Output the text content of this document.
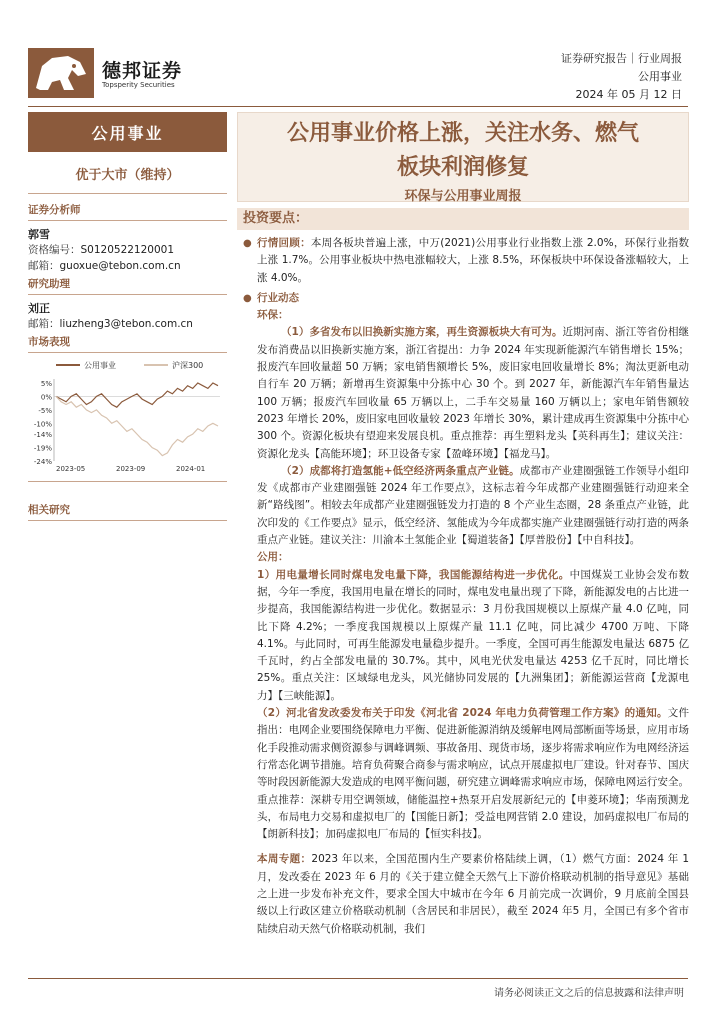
德邦证券
Topsperity Securities
证券研究报告｜行业周报
公用事业
2024 年 05 月 12 日
公用事业
优于大市（维持）
证券分析师
郭雪
资格编号：S0120522120001
邮箱：guoxue@tebon.com.cn
研究助理
刘正
邮箱：liuzheng3@tebon.com.cn
市场表现
公用事业	沪深300
5%
0%
-5%
-10%
-14%
-19%
-24%
2023-05	2023-09	2024-01
相关研究
公用事业价格上涨，关注水务、燃气
板块利润修复
环保与公用事业周报
投资要点：
● 行情回顾：本周各板块普遍上涨，中万(2021)公用事业行业指数上涨 2.0%，环保行业指数上涨 1.7%。公用事业板块中热电涨幅较大，上涨 8.5%，环保板块中环保设备涨幅较大，上涨 4.0%。
● 行业动态
环保：
（1）多省发布以旧换新实施方案，再生资源板块大有可为。近期河南、浙江等省份相继发布消费品以旧换新实施方案，浙江省提出：力争 2024 年实现新能源汽车销售增长 15%；报废汽车回收量超 50 万辆；家电销售额增长 5%，废旧家电回收量增长 8%；淘汰更新电动自行车 20 万辆；新增再生资源集中分拣中心 30 个。到 2027 年，新能源汽车年销售量达 100 万辆；报废汽车回收量 65 万辆以上，二手车交易量 160 万辆以上；家电年销售额较 2023 年增长 20%，废旧家电回收量较 2023 年增长 30%，累计建成再生资源集中分拣中心 300 个。资源化板块有望迎来发展良机。重点推荐：再生塑料龙头【英科再生】；建议关注：资源化龙头【高能环境】；环卫设备专家【盈峰环境】【福龙马】。
（2）成都将打造氢能+低空经济两条重点产业链。成都市产业建圈强链工作领导小组印发《成都市产业建圈强链 2024 年工作要点》，这标志着今年成都产业建圈强链行动迎来全新“路线图”。相较去年成都产业建圈强链发力打造的 8 个产业生态圈，28 条重点产业链，此次印发的《工作要点》显示，低空经济、氢能成为今年成都实施产业建圈强链行动打造的两条重点产业链。建议关注：川渝本土氢能企业【蜀道装备】【厚普股份】【中自科技】。
公用：
1）用电量增长同时煤电发电量下降，我国能源结构进一步优化。中国煤炭工业协会发布数据，今年一季度，我国用电量在增长的同时，煤电发电量出现了下降，新能源发电的占比进一步提高，我国能源结构进一步优化。数据显示：3 月份我国规模以上原煤产量 4.0 亿吨，同比下降 4.2%；一季度我国规模以上原煤产量 11.1 亿吨，同比减少 4700 万吨、下降 4.1%。与此同时，可再生能源发电量稳步提升。一季度，全国可再生能源发电量达 6875 亿千瓦时，约占全部发电量的 30.7%。其中，风电光伏发电量达 4253 亿千瓦时，同比增长 25%。重点关注：区域绿电龙头，风光储协同发展的【九洲集团】；新能源运营商【龙源电力】【三峡能源】。
（2）河北省发改委发布关于印发《河北省 2024 年电力负荷管理工作方案》的通知。文件指出：电网企业要围绕保障电力平衡、促进新能源消纳及缓解电网局部断面等场景，应用市场化手段推动需求侧资源参与调峰调频、事故备用、现货市场，逐步将需求响应作为电网经济运行常态化调节措施。培育负荷聚合商参与需求响应，试点开展虚拟电厂建设。针对春节、国庆等时段因新能源大发造成的电网平衡问题，研究建立调峰需求响应市场，保障电网运行安全。重点推荐：深耕专用空调领域，储能温控+热泵开启发展新纪元的【申菱环境】；华南预测龙头，布局电力交易和虚拟电厂的【国能日新】；受益电网营销 2.0 建设，加码虚拟电厂布局的【朗新科技】；加码虚拟电厂布局的【恒实科技】。
本周专题：2023 年以来，全国范围内生产要素价格陆续上调，（1）燃气方面：2024 年 1 月，发改委在 2023 年 6 月的《关于建立健全天然气上下游价格联动机制的指导意见》基础之上进一步发布补充文件，要求全国大中城市在今年 6 月前完成一次调价，9 月底前全国县级以上行政区建立价格联动机制（含居民和非居民），截至 2024 年5 月，全国已有多个省市陆续启动天然气价格联动机制，我们
请务必阅读正文之后的信息披露和法律声明
